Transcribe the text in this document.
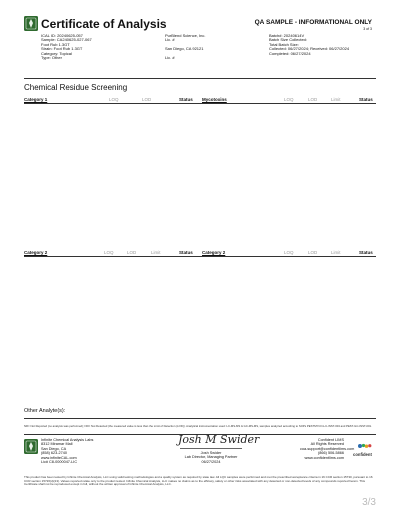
Certificate of Analysis	QA SAMPLE - INFORMATIONAL ONLY
3 of 3
ICAL ID: 20240625-057
Sample: CA240625-027-067
Foot Rub 1.3GT
Strain: Foot Rub 1.3GT
Category: Topical
Type: Other
PurBlend Science, Inc.
Lic. #

San Diego, CA 92121

Lic. #
Batch#: 20240614V
Batch Size Collected:
Total Batch Size:
Collected: 06/27/2024; Received: 06/27/2024
Completed: 06/27/2024
Chemical Residue Screening
Category 1	LOQ	LOD	Status Mycotoxins	LOQ	LOD	Limit	Status
Category 2	LOQ	LOD	Limit	Status Category 2	LOQ	LOD	Limit	Status
Other Analyte(s):
NR= Not Reported (no analysis was performed); ND= Not Detected (the measured value is less than the Limit of Detection (LOD)). Analytical instrumentation used: LC-MS-MS & GC-MS-MS, samples analyzed according to SOPs PESTMYCO-LC-INST-004 and PEST-GC-INST-001.
Infinite Chemical Analysis Labs
8312 Miramar Mall
San Diego, CA
(858) 623-2740
www.infiniteCAL.com
Lic# C8-0000047-LIC
Josh M Swider
Josh Swider
Lab Director, Managing Partner
06/27/2024
Confident LIMS
All Rights Reserved
coa-support@confidentlims.com
(866) 506-5866
www.confidentlims.com
confident
This product has been tested by Infinite Chemical Analysis, LLC using valid testing methodologies and a quality system as required by state law. All LQC samples were performed and met the prescribed acceptance criteria in 16 CCR section 15730, pursuant to 16 CCR section 15726(d)(13). Values reported relate only to the product tested. Infinite Chemical Analysis, LLC makes no claims as to the efficacy, safety or other risks associated with any detected or non-detected levels of any compounds reported herein. This Certificate shall not be reproduced except in full, without the written approval of Infinite Chemical Analysis, LLC.
3/3
